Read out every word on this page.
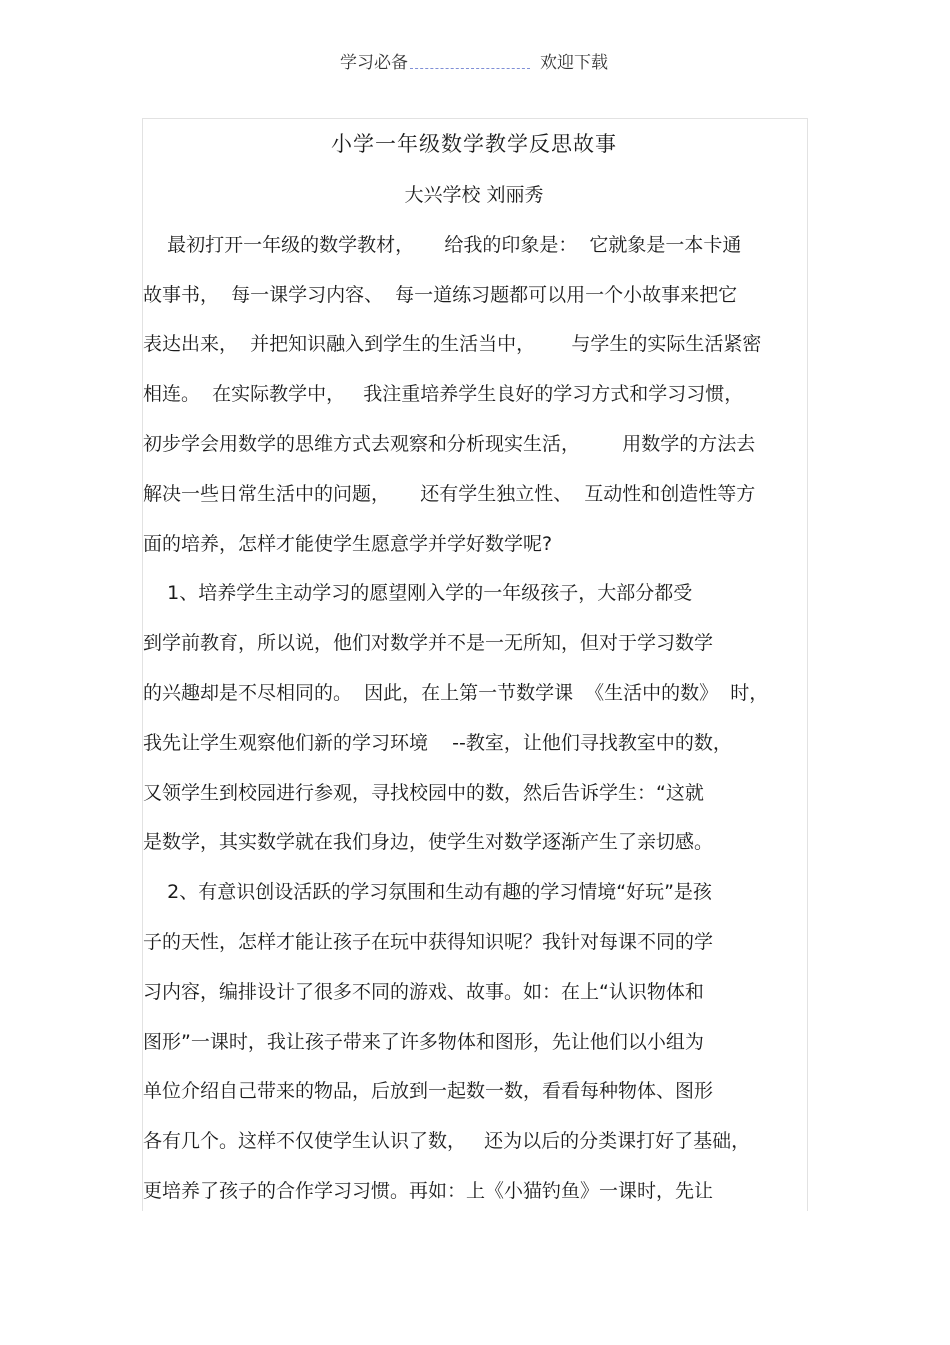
学习必备	欢迎下载
小学一年级数学教学反思故事
大兴学校 刘丽秀
最初打开一年级的数学教材，     给我的印象是：  它就象是一本卡通
故事书，  每一课学习内容、  每一道练习题都可以用一个小故事来把它
表达出来，  并把知识融入到学生的生活当中，      与学生的实际生活紧密
相连。  在实际教学中，   我注重培养学生良好的学习方式和学习习惯，
初步学会用数学的思维方式去观察和分析现实生活，       用数学的方法去
解决一些日常生活中的问题，     还有学生独立性、  互动性和创造性等方
面的培养，怎样才能使学生愿意学并学好数学呢?
1、培养学生主动学习的愿望刚入学的一年级孩子，大部分都受
到学前教育，所以说，他们对数学并不是一无所知，但对于学习数学
的兴趣却是不尽相同的。  因此，在上第一节数学课  《生活中的数》  时，
我先让学生观察他们新的学习环境    --教室，让他们寻找教室中的数，
又领学生到校园进行参观，寻找校园中的数，然后告诉学生：“这就
是数学，其实数学就在我们身边，使学生对数学逐渐产生了亲切感。
2、有意识创设活跃的学习氛围和生动有趣的学习情境“好玩”是孩
子的天性，怎样才能让孩子在玩中获得知识呢？我针对每课不同的学
习内容，编排设计了很多不同的游戏、故事。如：在上“认识物体和
图形”一课时，我让孩子带来了许多物体和图形，先让他们以小组为
单位介绍自己带来的物品，后放到一起数一数，看看每种物体、图形
各有几个。这样不仅使学生认识了数，   还为以后的分类课打好了基础，
更培养了孩子的合作学习习惯。再如：上《小猫钓鱼》一课时，先让
